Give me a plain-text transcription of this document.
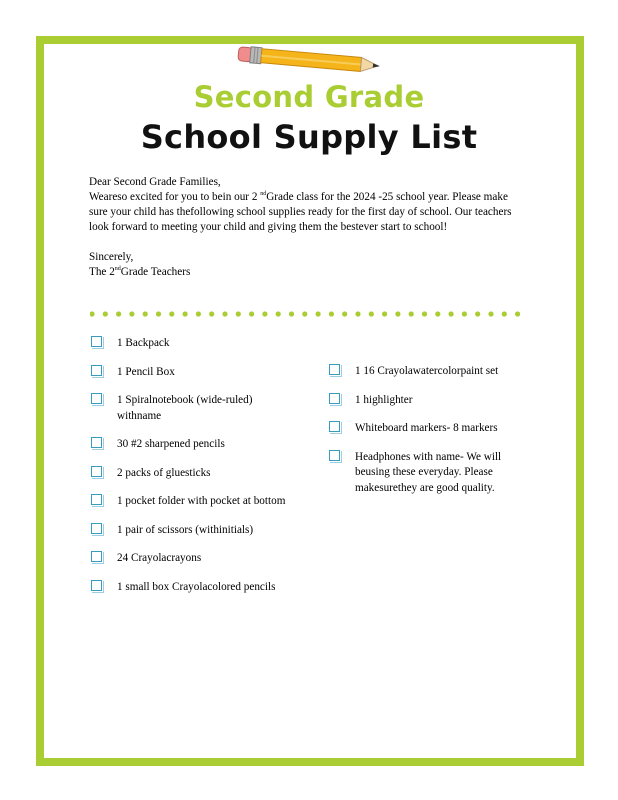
Second Grade
School Supply List

Dear Second Grade Families,

Weareso excited for you to bein our 2 $^{nd}$Grade class for the 2024 -25 school year. Please make sure your child has thefollowing school supplies ready for the first day of school. Our teachers look forward to meeting your child and giving them the bestever start to school!

Sincerely,

The 2ndGrade Teachers

1 Backpack
1 Pencil Box
1 Spiralnotebook (wide-ruled) withname
30 #2 sharpened pencils
2 packs of gluesticks
1 pocket folder with pocket at bottom
1 pair of scissors (withinitials)
24 Crayolacrayons
1 small box Crayolacolored pencils
1 16 Crayolawatercolorpaint set
1 highlighter
Whiteboard markers- 8 markers
Headphones with name- We will beusing these everyday. Please makesurethey are good quality.
